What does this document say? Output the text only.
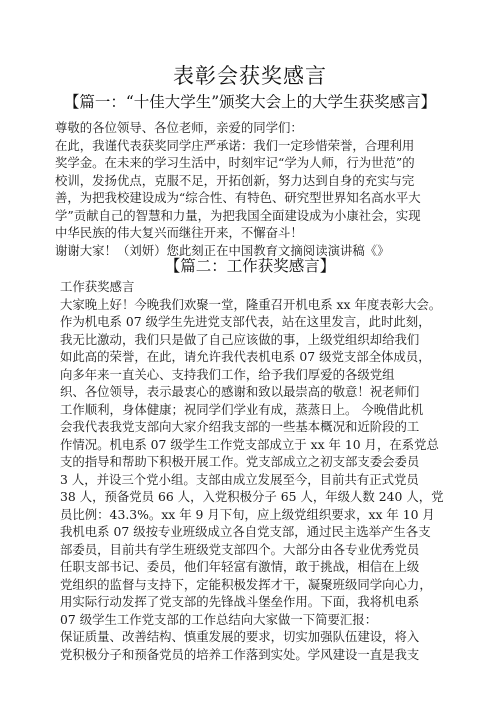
表彰会获奖感言
【篇一：“十佳大学生”颁奖大会上的大学生获奖感言】

尊敬的各位领导、各位老师，亲爱的同学们：

在此，我谨代表获奖同学庄严承诺：我们一定珍惜荣誉，合理利用
奖学金。在未来的学习生活中，时刻牢记“学为人师，行为世范”的
校训，发扬优点，克服不足，开拓创新，努力达到自身的充实与完
善，为把我校建设成为“综合性、有特色、研究型世界知名高水平大
学”贡献自己的智慧和力量，为把我国全面建设成为小康社会，实现
中华民族的伟大复兴而继往开来，不懈奋斗！

谢谢大家！（刘妍）您此刻正在中国教育文摘阅读演讲稿《》

【篇二：工作获奖感言】

工作获奖感言

大家晚上好！今晚我们欢聚一堂，隆重召开机电系 xx 年度表彰大会。
作为机电系 07 级学生先进党支部代表，站在这里发言，此时此刻，
我无比激动，我们只是做了自己应该做的事，上级党组织却给我们
如此高的荣誉，在此，请允许我代表机电系 07 级党支部全体成员，
向多年来一直关心、支持我们工作，给予我们厚爱的各级党组
织、各位领导，表示最衷心的感谢和致以最崇高的敬意！祝老师们
工作顺利，身体健康；祝同学们学业有成，蒸蒸日上。 今晚借此机
会我代表我党支部向大家介绍我支部的一些基本概况和近阶段的工
作情况。机电系 07 级学生工作党支部成立于 xx 年 10 月，在系党总
支的指导和帮助下积极开展工作。党支部成立之初支部支委会委员
3 人，并设三个党小组。支部由成立发展至今，目前共有正式党员
38 人，预备党员 66 人，入党积极分子 65 人，年级人数 240 人，党
员比例：43.3%。xx 年 9 月下旬，应上级党组织要求，xx 年 10 月
我机电系 07 级按专业班级成立各自党支部，通过民主选举产生各支
部委员，目前共有学生班级党支部四个。大部分由各专业优秀党员
任职支部书记、委员，他们年轻富有激情，敢于挑战，相信在上级
党组织的监督与支持下，定能积极发挥才干，凝聚班级同学向心力，
用实际行动发挥了党支部的先锋战斗堡垒作用。下面，我将机电系
07 级学生工作党支部的工作总结向大家做一下简要汇报：
保证质量、改善结构、慎重发展的要求，切实加强队伍建设，将入
党积极分子和预备党员的培养工作落到实处。学风建设一直是我支
